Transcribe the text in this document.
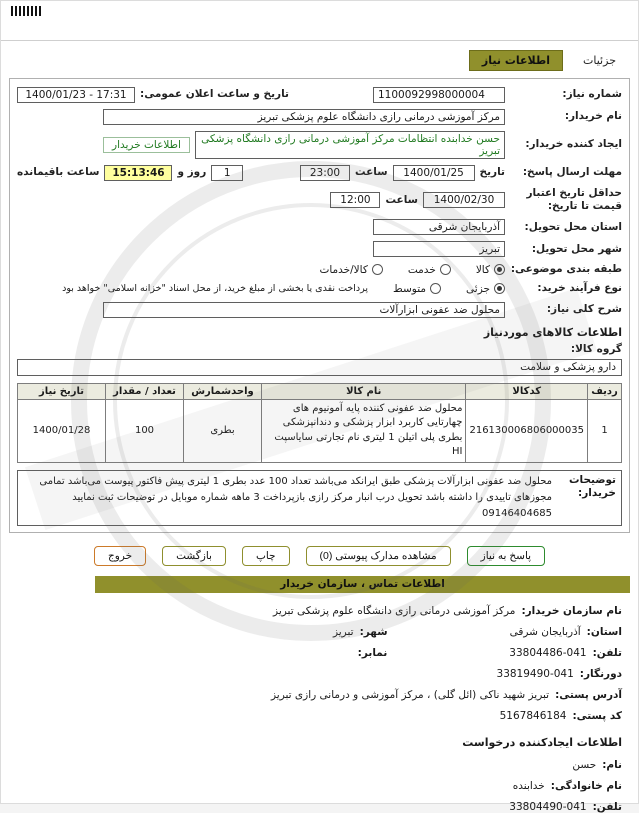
جزئیات
اطلاعات نیاز
شماره نیاز:
1100092998000004
تاریخ و ساعت اعلان عمومی:
1400/01/23 - 17:31
نام خریدار:
مرکز آموزشی درمانی رازی دانشگاه علوم پزشکی تبریز
ایجاد کننده خریدار:
حسن خدابنده انتظامات مرکز آموزشی درمانی رازی دانشگاه پزشکی تبریز
اطلاعات خریدار
مهلت ارسال پاسخ:
تاریخ
1400/01/25
ساعت
23:00
1
روز و
15:13:46
ساعت باقیمانده
حداقل تاریخ اعتبار قیمت تا تاریخ:
1400/02/30
ساعت
12:00
استان محل تحویل:
آذربایجان شرقی
شهر محل تحویل:
تبریز
طبقه بندی موضوعی:
کالا
خدمت
کالا/خدمات
نوع فرآیند خرید:
جزئی
متوسط
پرداخت نقدی یا بخشی از مبلغ خرید، از محل اسناد "خزانه اسلامی" خواهد بود
شرح کلی نیاز:
محلول ضد عفونی ابزارآلات
اطلاعات کالاهای موردنیاز
گروه کالا:
دارو پزشکی و سلامت
ردیف	کدکالا	نام کالا	واحدشمارش	تعداد / مقدار	تاریخ نیاز
1	216130006806000035	محلول ضد عفونی کننده پایه آمونیوم های چهارتایی کاربرد ابزار پزشکی و دندانپزشکی بطری پلی اتیلن 1 لیتری نام تجارتی سایاسپت HI	بطری	100	1400/01/28
توضیحات خریدار:
محلول ضد عفونی ابزارآلات پزشکی طبق ایرانکد می‌باشد تعداد 100 عدد بطری 1 لیتری پیش فاکتور پیوست می‌باشد تمامی مجوزهای تاییدی را داشته باشد تحویل درب انبار مرکز رازی بازپرداخت 3 ماهه شماره موبایل در توضیحات ثبت نمایید 09146404685
پاسخ به نیاز
مشاهده مدارک پیوستی (0)
چاپ
بازگشت
خروج
اطلاعات تماس ، سازمان خریدار
نام سازمان خریدار:
مرکز آموزشی درمانی رازی دانشگاه علوم پزشکی تبریز
استان:
آذربایجان شرقی
شهر:
تبریز
تلفن:
33804486-041
نمابر:
دورنگار:
33819490-041
آدرس پستی:
تبریز شهید ناکی (ائل گلی) ، مرکز آموزشی و درمانی رازی تبریز
کد پستی:
5167846184
اطلاعات ایجادکننده درخواست
نام:
حسن
نام خانوادگی:
خدابنده
تلفن:
33804490-041
